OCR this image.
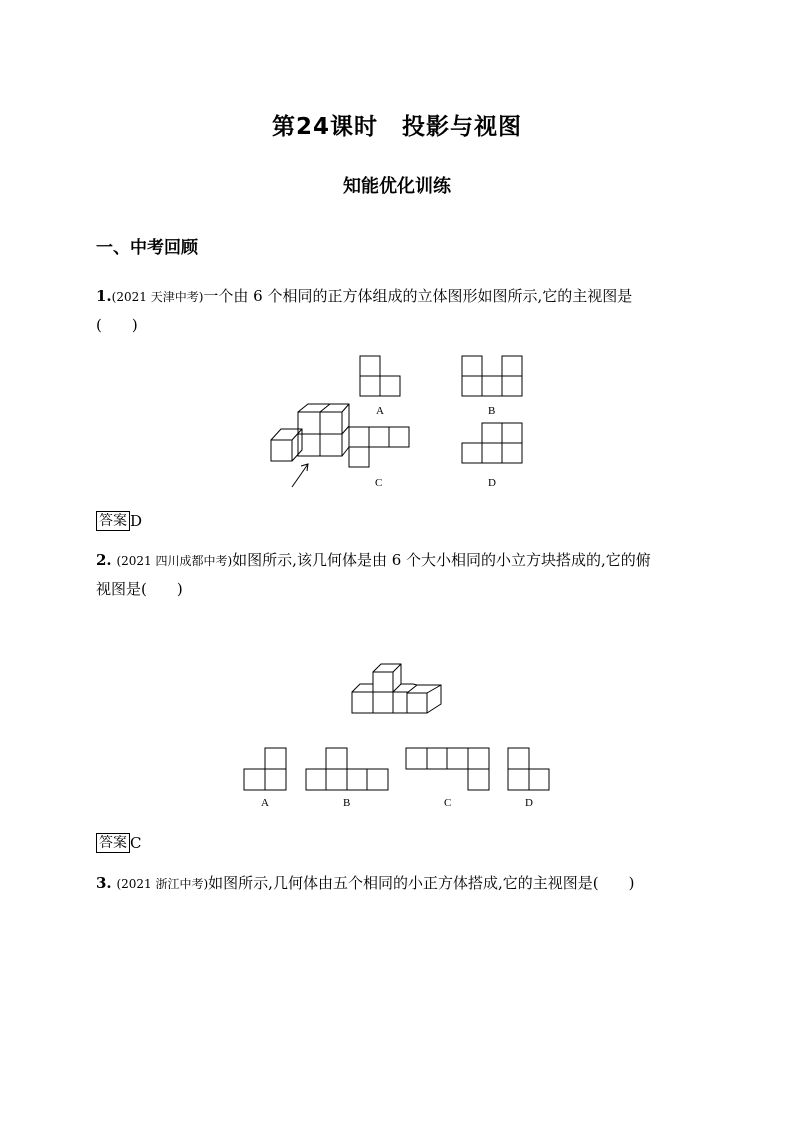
第24课时　投影与视图
知能优化训练
一、中考回顾
1.(2021 天津中考)一个由 6 个相同的正方体组成的立体图形如图所示,它的主视图是
(　　)
A	B
C	D
答案 D
2. (2021 四川成都中考)如图所示,该几何体是由 6 个大小相同的小立方块搭成的,它的俯
视图是(　　)
A	B	C	D
答案 C
3. (2021 浙江中考)如图所示,几何体由五个相同的小正方体搭成,它的主视图是(　　)
